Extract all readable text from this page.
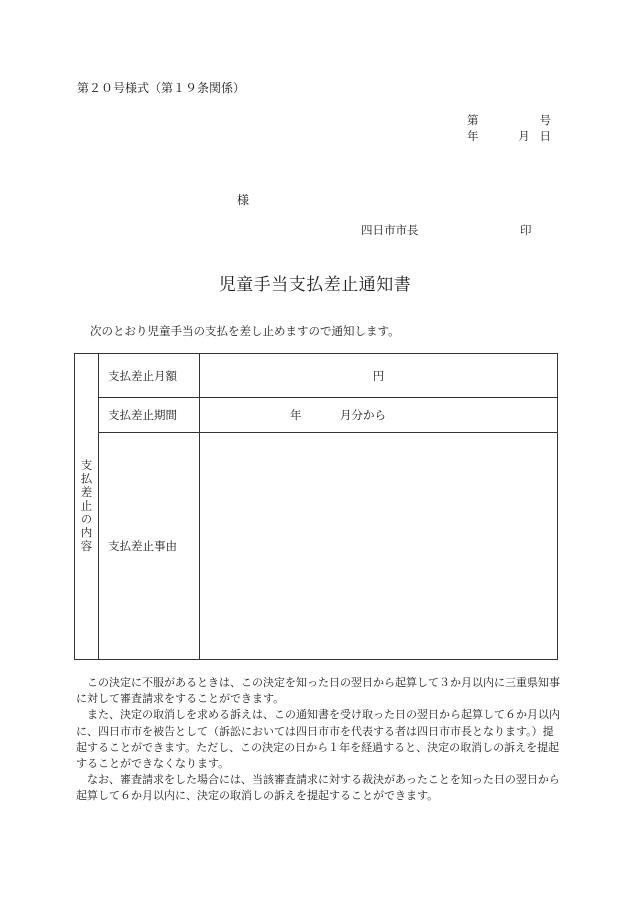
第２０号様式（第１９条関係）
第	号
年	月 日
様
四日市市長	印
児童手当支払差止通知書
次のとおり児童手当の支払を差し止めますので通知します。
支払差止の内容	支払差止月額	円
	支払差止期間	年 月分から

	支払差止事由	

　この決定に不服があるときは、この決定を知った日の翌日から起算して３か月以内に三重県知事に対して審査請求をすることができます。

　また、決定の取消しを求める訴えは、この通知書を受け取った日の翌日から起算して６か月以内に、四日市市を被告として（訴訟においては四日市市を代表する者は四日市市長となります。）提起することができます。ただし、この決定の日から１年を経過すると、決定の取消しの訴えを提起することができなくなります。

　なお、審査請求をした場合には、当該審査請求に対する裁決があったことを知った日の翌日から起算して６か月以内に、決定の取消しの訴えを提起することができます。
